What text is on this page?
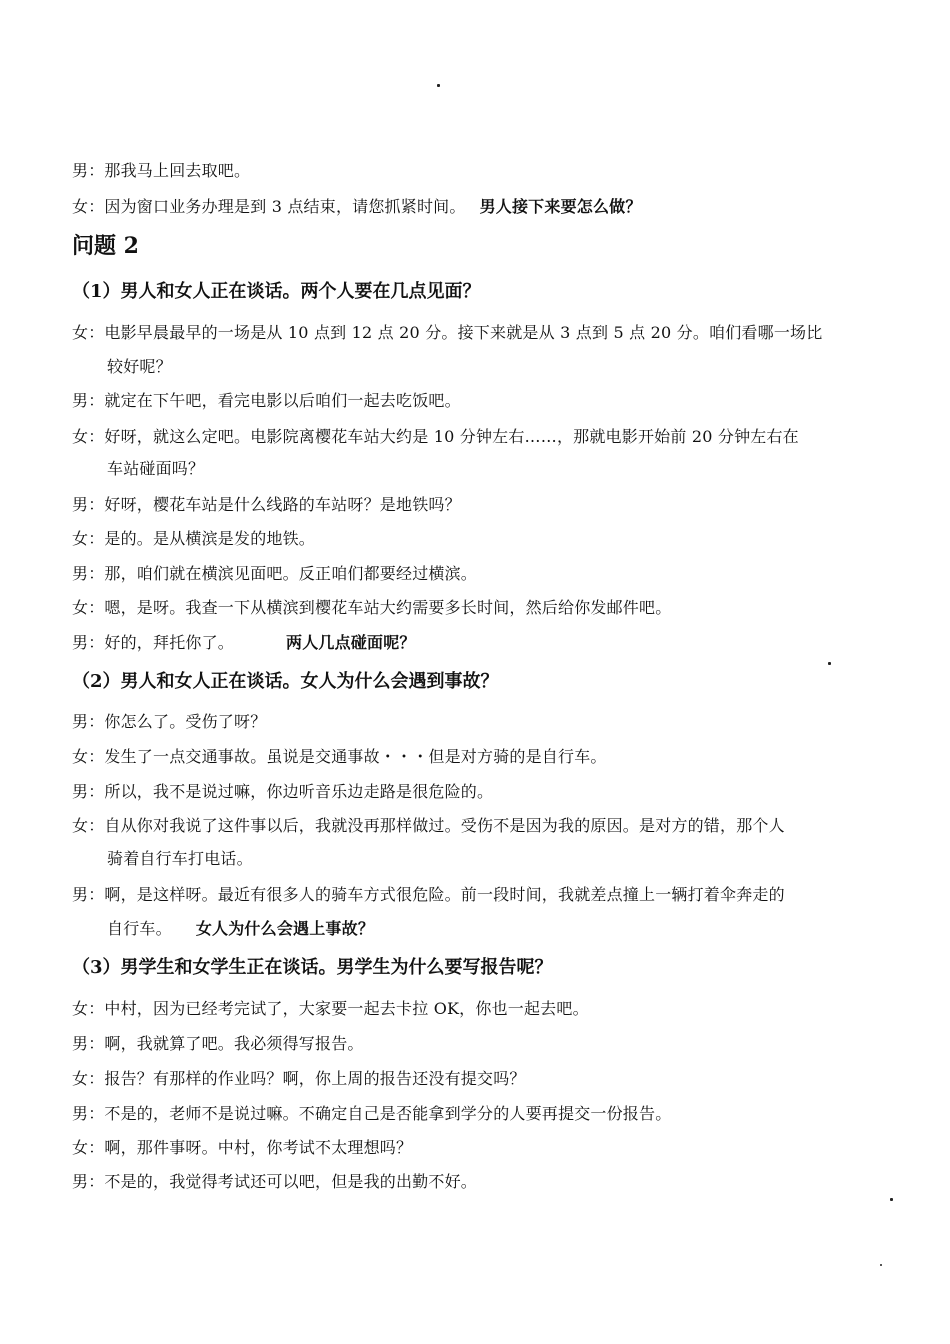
男：那我马上回去取吧。
女：因为窗口业务办理是到 3 点结束，请您抓紧时间。 男人接下来要怎么做？
问题 2
（1）男人和女人正在谈话。两个人要在几点见面？
女：电影早晨最早的一场是从 10 点到 12 点 20 分。接下来就是从 3 点到 5 点 20 分。咱们看哪一场比
较好呢？
男：就定在下午吧，看完电影以后咱们一起去吃饭吧。
女：好呀，就这么定吧。电影院离樱花车站大约是 10 分钟左右……，那就电影开始前 20 分钟左右在
车站碰面吗？
男：好呀，樱花车站是什么线路的车站呀？是地铁吗？
女：是的。是从横滨是发的地铁。
男：那，咱们就在横滨见面吧。反正咱们都要经过横滨。
女：嗯，是呀。我查一下从横滨到樱花车站大约需要多长时间，然后给你发邮件吧。
男：好的，拜托你了。	两人几点碰面呢？
（2）男人和女人正在谈话。女人为什么会遇到事故？
男：你怎么了。受伤了呀？
女：发生了一点交通事故。虽说是交通事故・・・但是对方骑的是自行车。
男：所以，我不是说过嘛，你边听音乐边走路是很危险的。
女：自从你对我说了这件事以后，我就没再那样做过。受伤不是因为我的原因。是对方的错，那个人
骑着自行车打电话。
男：啊，是这样呀。最近有很多人的骑车方式很危险。前一段时间，我就差点撞上一辆打着伞奔走的
自行车。 女人为什么会遇上事故？
（3）男学生和女学生正在谈话。男学生为什么要写报告呢？
女：中村，因为已经考完试了，大家要一起去卡拉 OK，你也一起去吧。
男：啊，我就算了吧。我必须得写报告。
女：报告？有那样的作业吗？啊，你上周的报告还没有提交吗？
男：不是的，老师不是说过嘛。不确定自己是否能拿到学分的人要再提交一份报告。
女：啊，那件事呀。中村，你考试不太理想吗？
男：不是的，我觉得考试还可以吧，但是我的出勤不好。
